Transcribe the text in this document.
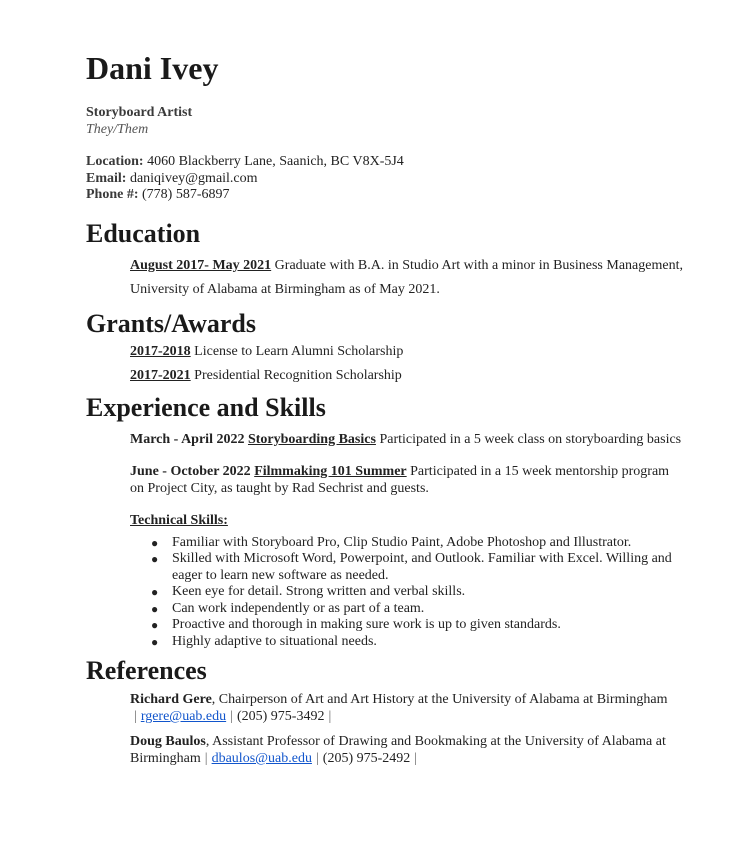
Dani Ivey
Storyboard Artist
They/Them
Location: 4060 Blackberry Lane, Saanich, BC V8X-5J4
Email: daniqivey@gmail.com
Phone #: (778) 587-6897
Education
August 2017- May 2021 Graduate with B.A. in Studio Art with a minor in Business Management, University of Alabama at Birmingham as of May 2021.
Grants/Awards
2017-2018 License to Learn Alumni Scholarship
2017-2021 Presidential Recognition Scholarship
Experience and Skills
March - April 2022 Storyboarding Basics Participated in a 5 week class on storyboarding basics
June - October 2022 Filmmaking 101 Summer Participated in a 15 week mentorship program on Project City, as taught by Rad Sechrist and guests.
Technical Skills:
● Familiar with Storyboard Pro, Clip Studio Paint, Adobe Photoshop and Illustrator.
● Skilled with Microsoft Word, Powerpoint, and Outlook. Familiar with Excel. Willing and eager to learn new software as needed.
● Keen eye for detail. Strong written and verbal skills.
● Can work independently or as part of a team.
● Proactive and thorough in making sure work is up to given standards.
● Highly adaptive to situational needs.
References
Richard Gere, Chairperson of Art and Art History at the University of Alabama at Birmingham | rgere@uab.edu | (205) 975-3492 |
Doug Baulos, Assistant Professor of Drawing and Bookmaking at the University of Alabama at Birmingham | dbaulos@uab.edu | (205) 975-2492 |
